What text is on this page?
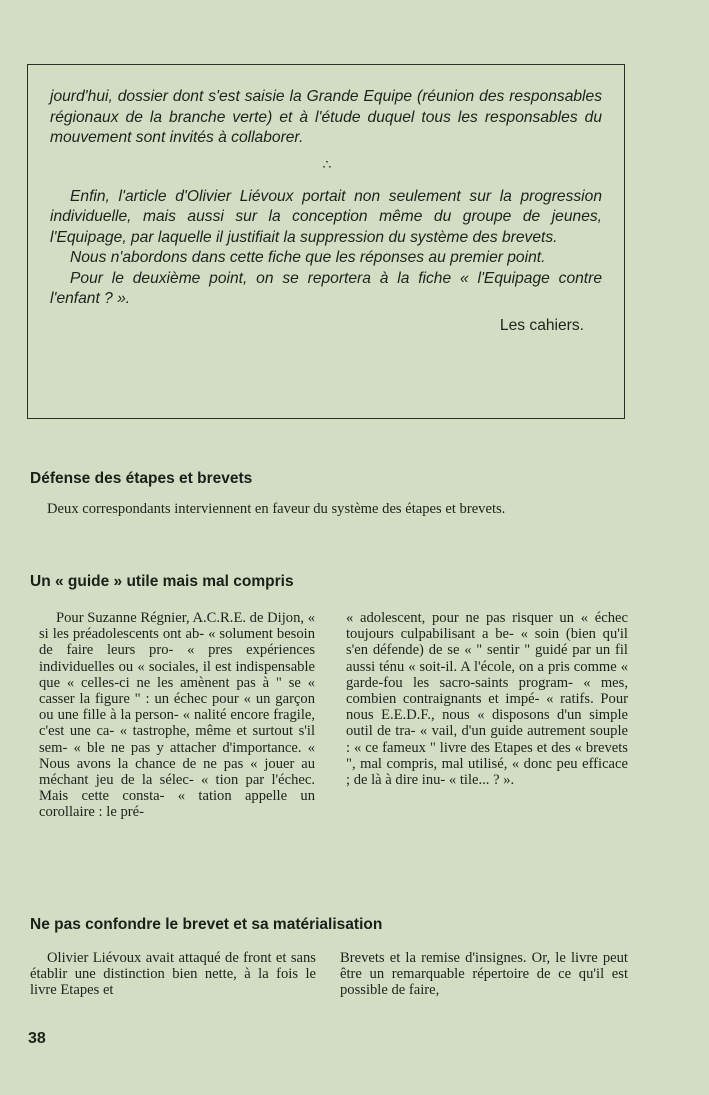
jourd'hui, dossier dont s'est saisie la Grande Equipe (réunion des responsables régionaux de la branche verte) et à l'étude duquel tous les responsables du mouvement sont invités à collaborer.

∴

Enfin, l'article d'Olivier Liévoux portait non seulement sur la progression individuelle, mais aussi sur la conception même du groupe de jeunes, l'Equipage, par laquelle il justifiait la suppression du système des brevets.

Nous n'abordons dans cette fiche que les réponses au premier point.

Pour le deuxième point, on se reportera à la fiche « l'Equipage contre l'enfant ? ».

Les cahiers.

Défense des étapes et brevets

Deux correspondants interviennent en faveur du système des étapes et brevets.

Un « guide » utile mais mal compris

Pour Suzanne Régnier, A.C.R.E. de Dijon, « si les préadolescents ont ab- « solument besoin de faire leurs pro- « pres expériences individuelles ou « sociales, il est indispensable que « celles-ci ne les amènent pas à " se « casser la figure " : un échec pour « un garçon ou une fille à la person- « nalité encore fragile, c'est une ca- « tastrophe, même et surtout s'il sem- « ble ne pas y attacher d'importance. « Nous avons la chance de ne pas « jouer au méchant jeu de la sélec- « tion par l'échec. Mais cette consta- « tation appelle un corollaire : le pré-

« adolescent, pour ne pas risquer un « échec toujours culpabilisant a be- « soin (bien qu'il s'en défende) de se « " sentir " guidé par un fil aussi ténu « soit-il. A l'école, on a pris comme « garde-fou les sacro-saints program- « mes, combien contraignants et impé- « ratifs. Pour nous E.E.D.F., nous « disposons d'un simple outil de tra- « vail, d'un guide autrement souple : « ce fameux " livre des Etapes et des « brevets ", mal compris, mal utilisé, « donc peu efficace ; de là à dire inu- « tile... ? ».

Ne pas confondre le brevet et sa matérialisation

Olivier Liévoux avait attaqué de front et sans établir une distinction bien nette, à la fois le livre Etapes et

Brevets et la remise d'insignes. Or, le livre peut être un remarquable répertoire de ce qu'il est possible de faire,

38
